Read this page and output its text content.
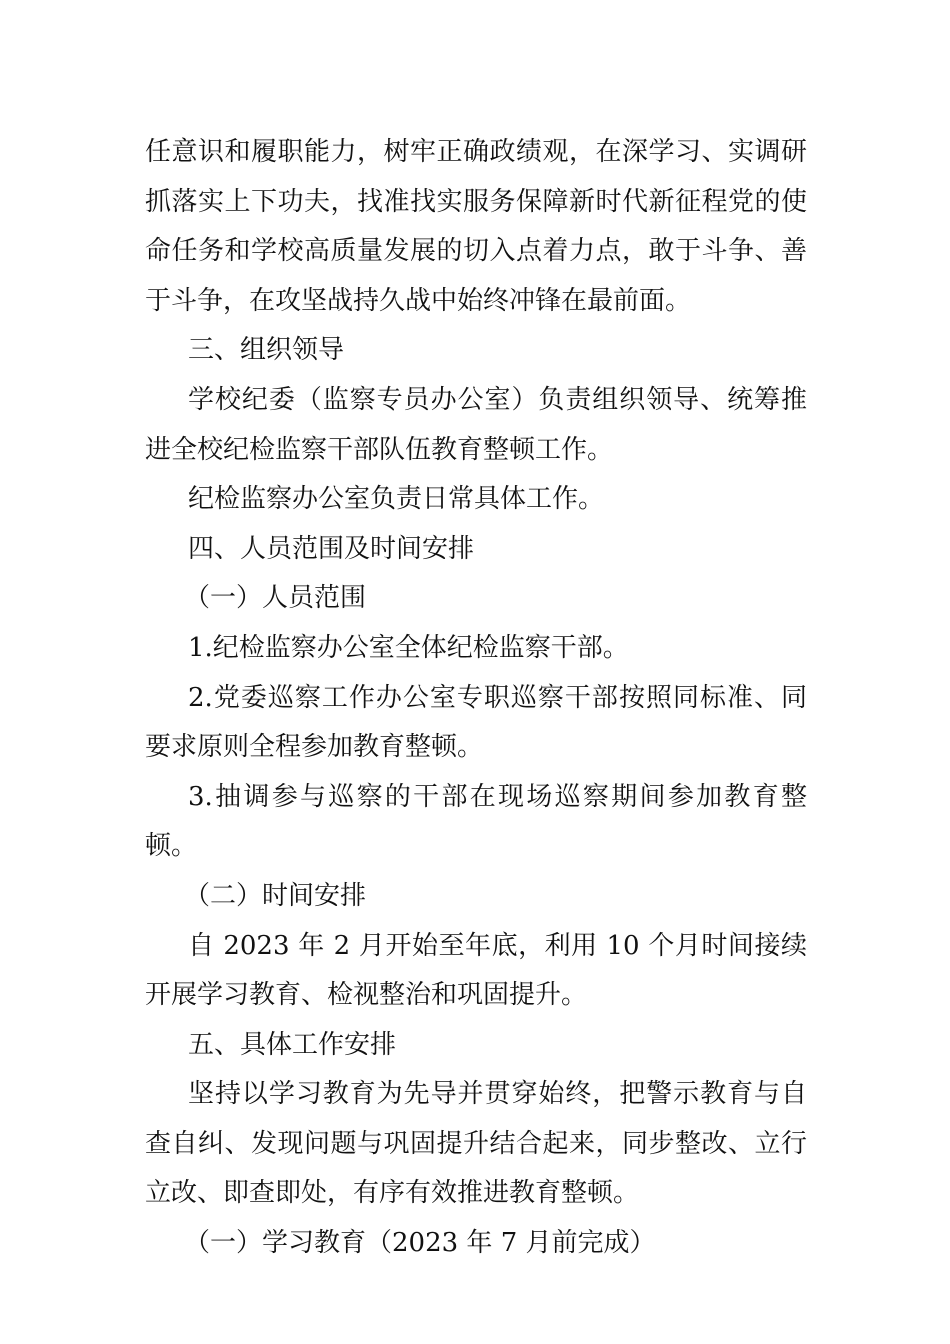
任意识和履职能力，树牢正确政绩观，在深学习、实调研抓落实上下功夫，找准找实服务保障新时代新征程党的使命任务和学校高质量发展的切入点着力点，敢于斗争、善于斗争，在攻坚战持久战中始终冲锋在最前面。

三、组织领导

学校纪委（监察专员办公室）负责组织领导、统筹推进全校纪检监察干部队伍教育整顿工作。

纪检监察办公室负责日常具体工作。

四、人员范围及时间安排

（一）人员范围

1.纪检监察办公室全体纪检监察干部。

2.党委巡察工作办公室专职巡察干部按照同标准、同要求原则全程参加教育整顿。

3.抽调参与巡察的干部在现场巡察期间参加教育整顿。

（二）时间安排

自 2023 年 2 月开始至年底，利用 10 个月时间接续开展学习教育、检视整治和巩固提升。

五、具体工作安排

坚持以学习教育为先导并贯穿始终，把警示教育与自查自纠、发现问题与巩固提升结合起来，同步整改、立行立改、即查即处，有序有效推进教育整顿。

（一）学习教育（2023 年 7 月前完成）
